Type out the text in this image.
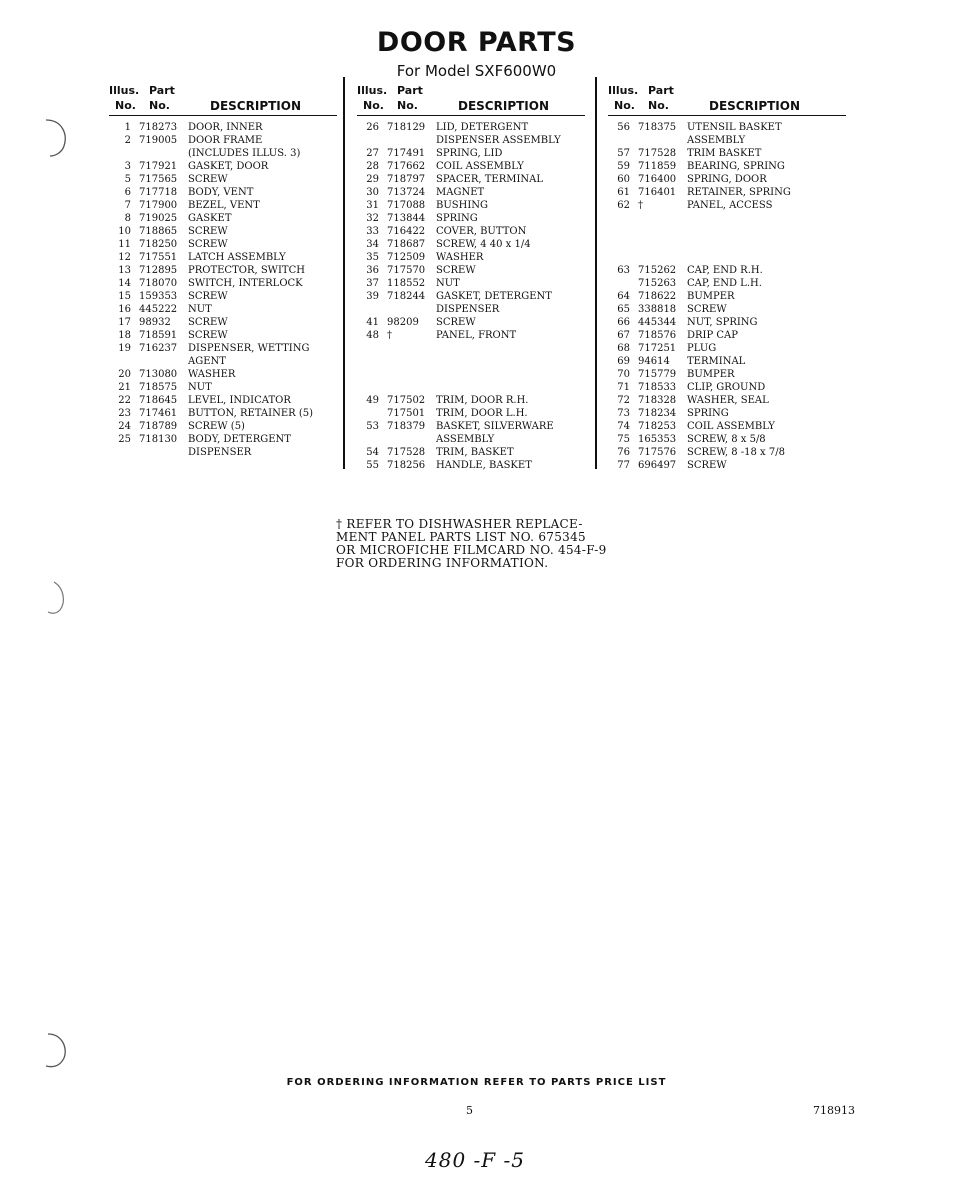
DOOR PARTS
For Model SXF600W0
Illus. Part
No. No.	DESCRIPTION
1 718273 DOOR, INNER
2 719005 DOOR FRAME
(INCLUDES ILLUS. 3)
3 717921 GASKET, DOOR
5 717565 SCREW
6 717718 BODY, VENT
7 717900 BEZEL, VENT
8 719025 GASKET
10 718865 SCREW
11 718250 SCREW
12 717551 LATCH ASSEMBLY
13 712895 PROTECTOR, SWITCH
14 718070 SWITCH, INTERLOCK
15 159353 SCREW
16 445222 NUT
17 98932 SCREW
18 718591 SCREW
19 716237 DISPENSER, WETTING
AGENT
20 713080 WASHER
21 718575 NUT
22 718645 LEVEL, INDICATOR
23 717461 BUTTON, RETAINER (5)
24 718789 SCREW (5)
25 718130 BODY, DETERGENT
DISPENSER
Illus. Part
No. No.	DESCRIPTION
26 718129 LID, DETERGENT
DISPENSER ASSEMBLY
27 717491 SPRING, LID
28 717662 COIL ASSEMBLY
29 718797 SPACER, TERMINAL
30 713724 MAGNET
31 717088 BUSHING
32 713844 SPRING
33 716422 COVER, BUTTON
34 718687 SCREW, 4 40 x 1/4
35 712509 WASHER
36 717570 SCREW
37 118552 NUT
39 718244 GASKET, DETERGENT
DISPENSER
41 98209 SCREW
48 †	PANEL, FRONT
49 717502 TRIM, DOOR R.H.
717501 TRIM, DOOR L.H.
53 718379 BASKET, SILVERWARE
ASSEMBLY
54 717528 TRIM, BASKET
55 718256 HANDLE, BASKET
Illus. Part
No. No.	DESCRIPTION
56 718375 UTENSIL BASKET
ASSEMBLY
57 717528 TRIM BASKET
59 711859 BEARING, SPRING
60 716400 SPRING, DOOR
61 716401 RETAINER, SPRING
62 †	PANEL, ACCESS
63 715262 CAP, END R.H.
715263 CAP, END L.H.
64 718622 BUMPER
65 338818 SCREW
66 445344 NUT, SPRING
67 718576 DRIP CAP
68 717251 PLUG
69 94614 TERMINAL
70 715779 BUMPER
71 718533 CLIP, GROUND
72 718328 WASHER, SEAL
73 718234 SPRING
74 718253 COIL ASSEMBLY
75 165353 SCREW, 8 x 5/8
76 717576 SCREW, 8 -18 x 7/8
77 696497 SCREW
† REFER TO DISHWASHER REPLACE-
MENT PANEL PARTS LIST NO. 675345
OR MICROFICHE FILMCARD NO. 454-F-9
FOR ORDERING INFORMATION.
FOR ORDERING INFORMATION REFER TO PARTS PRICE LIST
5	718913
480 -F -5
